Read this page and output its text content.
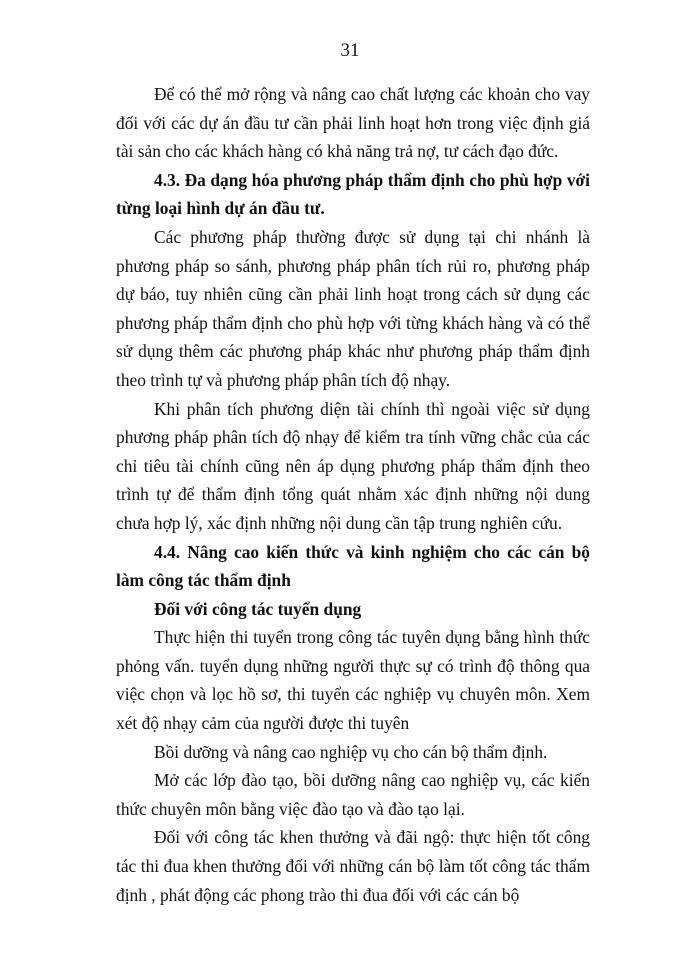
31

Để có thể mở rộng và nâng cao chất lượng các khoản cho vay đối với các dự án đầu tư cần phải linh hoạt hơn trong việc định giá tài sản cho các khách hàng có khả năng trả nợ, tư cách đạo đức.

4.3. Đa dạng hóa phương pháp thẩm định cho phù hợp với từng loại hình dự án đầu tư.

Các phương pháp thường được sử dụng tại chi nhánh là phương pháp so sánh, phương pháp phân tích rủi ro, phương pháp dự báo, tuy nhiên cũng cần phải linh hoạt trong cách sử dụng các phương pháp thẩm định cho phù hợp với từng khách hàng và có thể sử dụng thêm các phương pháp khác như phương pháp thẩm định theo trình tự và phương pháp phân tích độ nhạy.

Khi phân tích phương diện tài chính thì ngoài việc sử dụng phương pháp phân tích độ nhạy để kiểm tra tính vững chắc của các chỉ tiêu tài chính cũng nên áp dụng phương pháp thẩm định theo trình tự để thẩm định tổng quát nhằm xác định những nội dung chưa hợp lý, xác định những nội dung cần tập trung nghiên cứu.

4.4. Nâng cao kiến thức và kinh nghiệm cho các cán bộ làm công tác thẩm định

Đối với công tác tuyển dụng

Thực hiện thi tuyển trong công tác tuyên dụng bằng hình thức phỏng vấn. tuyển dụng những người thực sự có trình độ thông qua việc chọn và lọc hồ sơ, thi tuyển các nghiệp vụ chuyên môn. Xem xét độ nhạy cảm của người được thi tuyên

Bồi dưỡng và nâng cao nghiệp vụ cho cán bộ thẩm định.

Mở các lớp đào tạo, bồi dưỡng nâng cao nghiệp vụ, các kiến thức chuyên môn bằng việc đào tạo và đào tạo lại.

Đối với công tác khen thưởng và đãi ngộ: thực hiện tốt công tác thi đua khen thưởng đối với những cán bộ làm tốt công tác thẩm định , phát động các phong trào thi đua đối với các cán bộ
